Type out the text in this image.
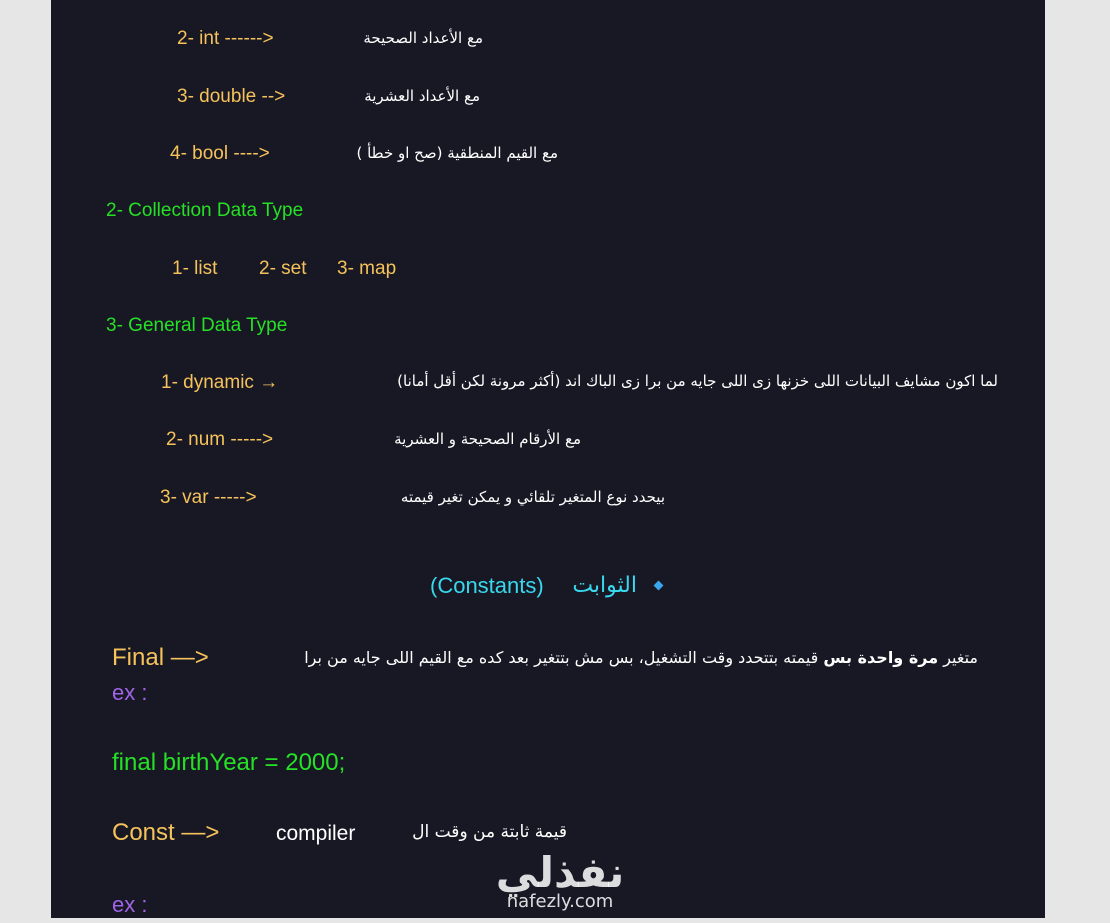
2- int ------>	مع الأعداد الصحيحة
3- double -->	مع الأعداد العشرية
4- bool ---->	مع القيم المنطقية (صح او خطأ )
2- Collection Data Type
1- list 2- set 3- map
3- General Data Type
1- dynamic →	لما اكون مشايف البيانات اللى خزنها زى اللى جايه من برا زى الباك اند (أكثر مرونة لكن أقل أمانا)
2- num ----->	مع الأرقام الصحيحة و العشرية
3- var ----->	بيحدد نوع المتغير تلقائي و يمكن تغير قيمته
الثوابت
(Constants)
Final —>	متغير مرة واحدة بس قيمته بتتحدد وقت التشغيل، بس مش بتتغير بعد كده مع القيم اللى جايه من برا
ex :
final birthYear = 2000;
Const —>	compiler	قيمة ثابتة من وقت ال
ex :
نفذلي
nafezly.com
